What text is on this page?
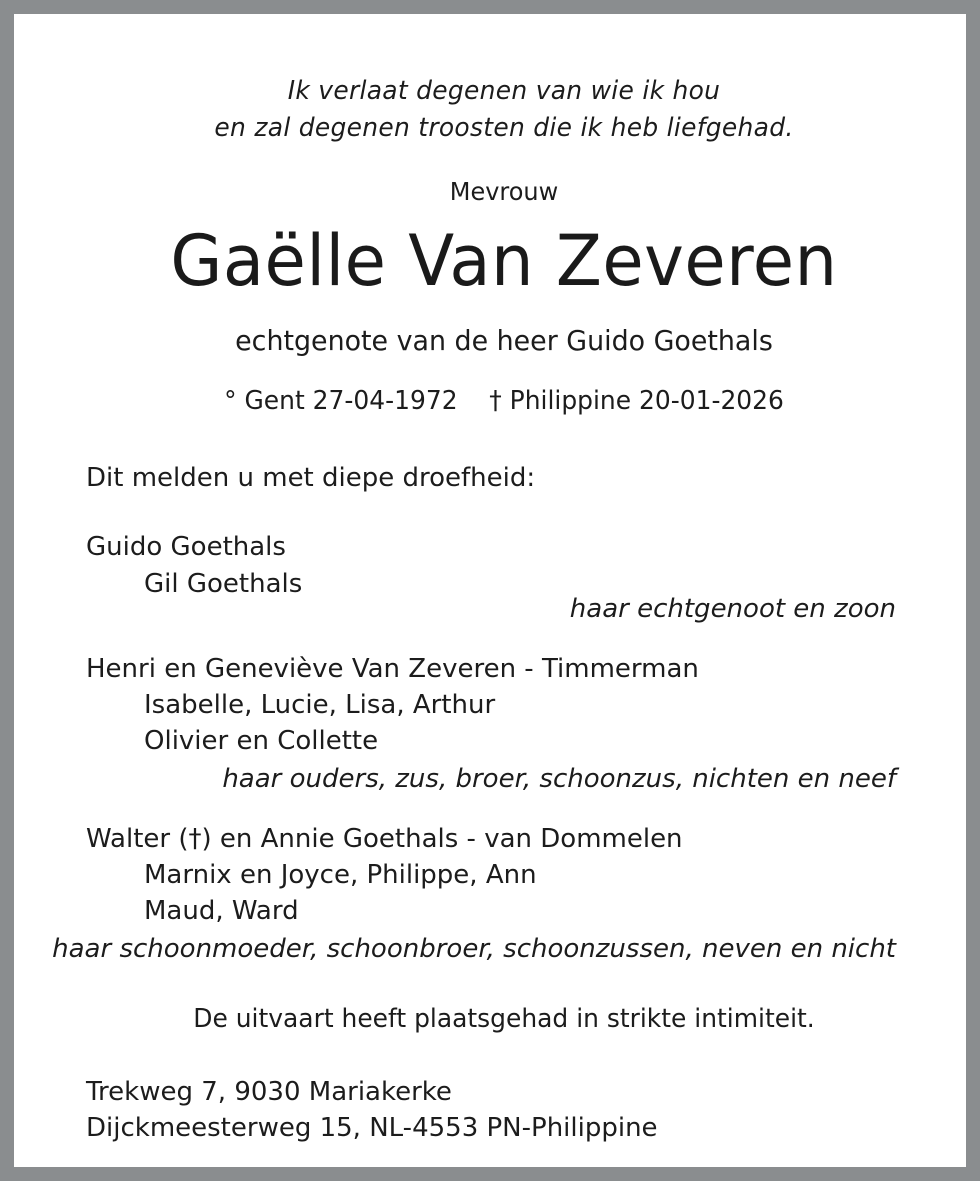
Ik verlaat degenen van wie ik hou
en zal degenen troosten die ik heb liefgehad.
Mevrouw
Gaëlle Van Zeveren
echtgenote van de heer Guido Goethals
° Gent 27-04-1972    † Philippine 20-01-2026
Dit melden u met diepe droefheid:
Guido Goethals
Gil Goethals
haar echtgenoot en zoon
Henri en Geneviève Van Zeveren - Timmerman
Isabelle, Lucie, Lisa, Arthur
Olivier en Collette
haar ouders, zus, broer, schoonzus, nichten en neef
Walter (†) en Annie Goethals - van Dommelen
Marnix en Joyce, Philippe, Ann
Maud, Ward
haar schoonmoeder, schoonbroer, schoonzussen, neven en nicht
De uitvaart heeft plaatsgehad in strikte intimiteit.
Trekweg 7, 9030 Mariakerke
Dijckmeesterweg 15, NL-4553 PN-Philippine
